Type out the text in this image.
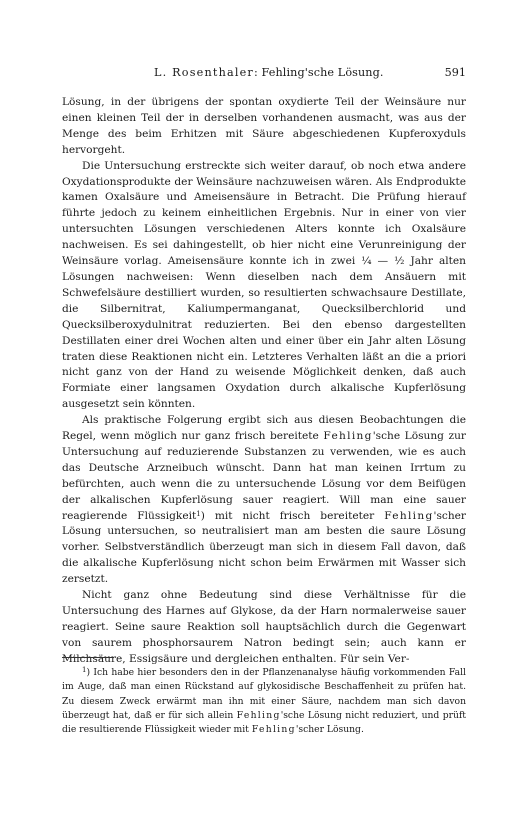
L. Rosenthaler: Fehling'sche Lösung.	591

Lösung, in der übrigens der spontan oxydierte Teil der Weinsäure nur einen kleinen Teil der in derselben vorhandenen ausmacht, was aus der Menge des beim Erhitzen mit Säure abgeschiedenen Kupferoxyduls hervorgeht.

Die Untersuchung erstreckte sich weiter darauf, ob noch etwa andere Oxydationsprodukte der Weinsäure nachzuweisen wären. Als Endprodukte kamen Oxalsäure und Ameisensäure in Betracht. Die Prüfung hierauf führte jedoch zu keinem einheitlichen Ergebnis. Nur in einer von vier untersuchten Lösungen verschiedenen Alters konnte ich Oxalsäure nachweisen. Es sei dahingestellt, ob hier nicht eine Verunreinigung der Weinsäure vorlag. Ameisensäure konnte ich in zwei ¼ — ½ Jahr alten Lösungen nachweisen: Wenn dieselben nach dem Ansäuern mit Schwefelsäure destilliert wurden, so resultierten schwachsaure Destillate, die Silbernitrat, Kaliumpermanganat, Quecksilberchlorid und Quecksilberoxydulnitrat reduzierten. Bei den ebenso dargestellten Destillaten einer drei Wochen alten und einer über ein Jahr alten Lösung traten diese Reaktionen nicht ein. Letzteres Verhalten läßt an die a priori nicht ganz von der Hand zu weisende Möglichkeit denken, daß auch Formiate einer langsamen Oxydation durch alkalische Kupferlösung ausgesetzt sein könnten.

Als praktische Folgerung ergibt sich aus diesen Beobachtungen die Regel, wenn möglich nur ganz frisch bereitete Fehling'sche Lösung zur Untersuchung auf reduzierende Substanzen zu verwenden, wie es auch das Deutsche Arzneibuch wünscht. Dann hat man keinen Irrtum zu befürchten, auch wenn die zu untersuchende Lösung vor dem Beifügen der alkalischen Kupferlösung sauer reagiert. Will man eine sauer reagierende Flüssigkeit$^1$) mit nicht frisch bereiteter Fehling'scher Lösung untersuchen, so neutralisiert man am besten die saure Lösung vorher. Selbstverständlich überzeugt man sich in diesem Fall davon, daß die alkalische Kupferlösung nicht schon beim Erwärmen mit Wasser sich zersetzt.

Nicht ganz ohne Bedeutung sind diese Verhältnisse für die Untersuchung des Harnes auf Glykose, da der Harn normalerweise sauer reagiert. Seine saure Reaktion soll hauptsächlich durch die Gegenwart von saurem phosphorsaurem Natron bedingt sein; auch kann er Milchsäure, Essigsäure und dergleichen enthalten. Für sein Ver-

$^1$) Ich habe hier besonders den in der Pflanzenanalyse häufig vorkommenden Fall im Auge, daß man einen Rückstand auf glykosidische Beschaffenheit zu prüfen hat. Zu diesem Zweck erwärmt man ihn mit einer Säure, nachdem man sich davon überzeugt hat, daß er für sich allein Fehling'sche Lösung nicht reduziert, und prüft die resultierende Flüssigkeit wieder mit Fehling'scher Lösung.
